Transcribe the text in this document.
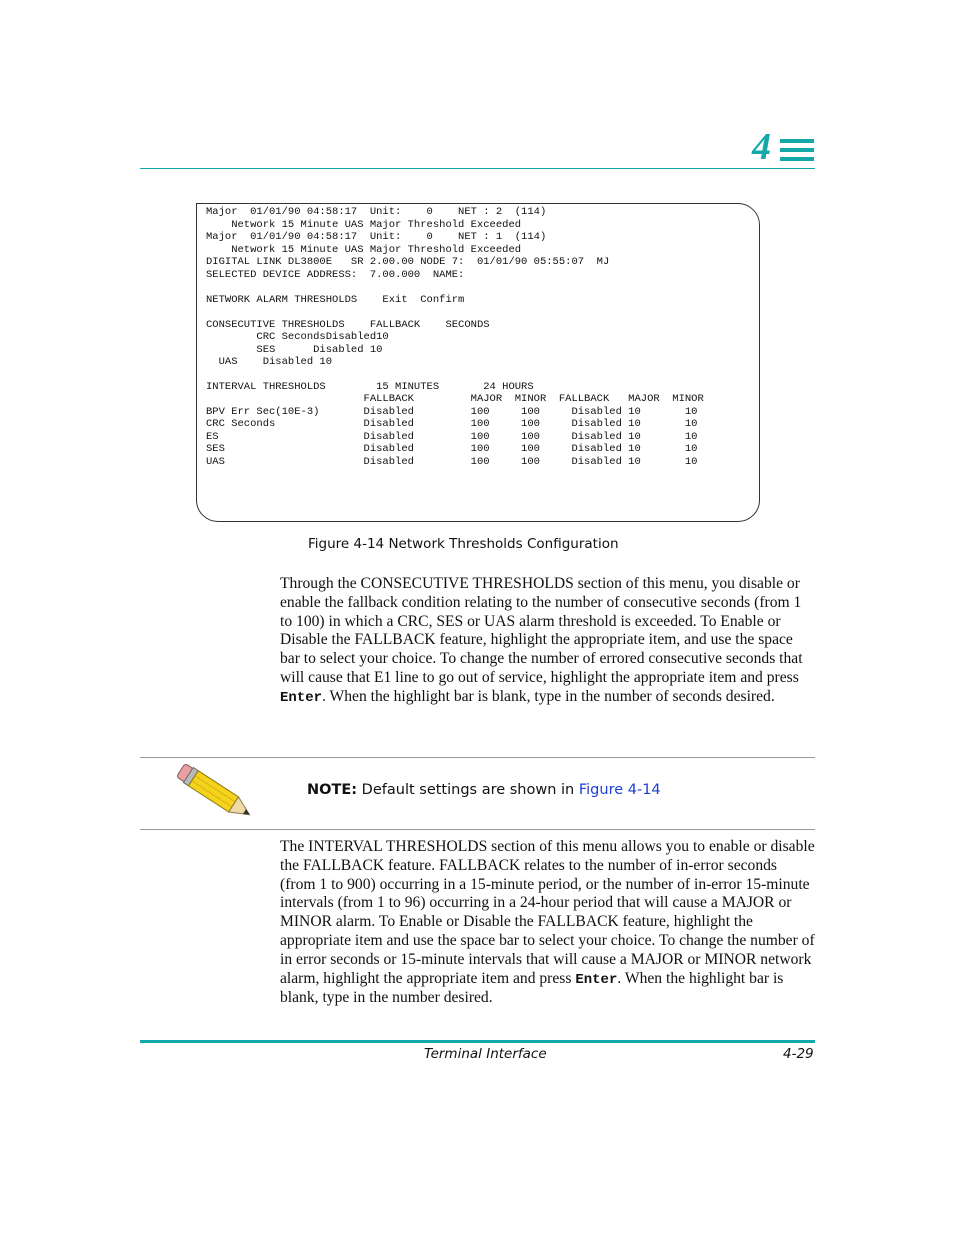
4
Major  01/01/90 04:58:17  Unit:    0    NET : 2  (114)
Network 15 Minute UAS Major Threshold Exceeded
Major  01/01/90 04:58:17  Unit:    0    NET : 1  (114)
Network 15 Minute UAS Major Threshold Exceeded
DIGITAL LINK DL3800E   SR 2.00.00 NODE 7:  01/01/90 05:55:07  MJ
SELECTED DEVICE ADDRESS:  7.00.000  NAME:
NETWORK ALARM THRESHOLDS    Exit  Confirm
CONSECUTIVE THRESHOLDS    FALLBACK    SECONDS
CRC SecondsDisabled10
SES      Disabled 10
UAS    Disabled 10
INTERVAL THRESHOLDS        15 MINUTES       24 HOURS
FALLBACK         MAJOR  MINOR  FALLBACK   MAJOR  MINOR
BPV Err Sec(10E-3)       Disabled         100     100     Disabled 10       10
CRC Seconds              Disabled         100     100     Disabled 10       10
ES                       Disabled         100     100     Disabled 10       10
SES                      Disabled         100     100     Disabled 10       10
UAS                      Disabled         100     100     Disabled 10       10
Figure 4-14 Network Thresholds Configuration
Through the CONSECUTIVE THRESHOLDS section of this menu, you disable or enable the fallback condition relating to the number of consecutive seconds (from 1 to 100) in which a CRC, SES or UAS alarm threshold is exceeded. To Enable or Disable the FALLBACK feature, highlight the appropriate item, and use the space bar to select your choice. To change the number of errored consecutive seconds that will cause that E1 line to go out of service, highlight the appropriate item and press Enter. When the highlight bar is blank, type in the number of seconds desired.
NOTE: Default settings are shown in Figure 4-14
The INTERVAL THRESHOLDS section of this menu allows you to enable or disable the FALLBACK feature. FALLBACK relates to the number of in-error seconds (from 1 to 900) occurring in a 15-minute period, or the number of in-error 15-minute intervals (from 1 to 96) occurring in a 24-hour period that will cause a MAJOR or MINOR alarm. To Enable or Disable the FALLBACK feature, highlight the appropriate item and use the space bar to select your choice. To change the number of in error seconds or 15-minute intervals that will cause a MAJOR or MINOR network alarm, highlight the appropriate item and press Enter. When the highlight bar is blank, type in the number desired.
Terminal Interface	4-29
